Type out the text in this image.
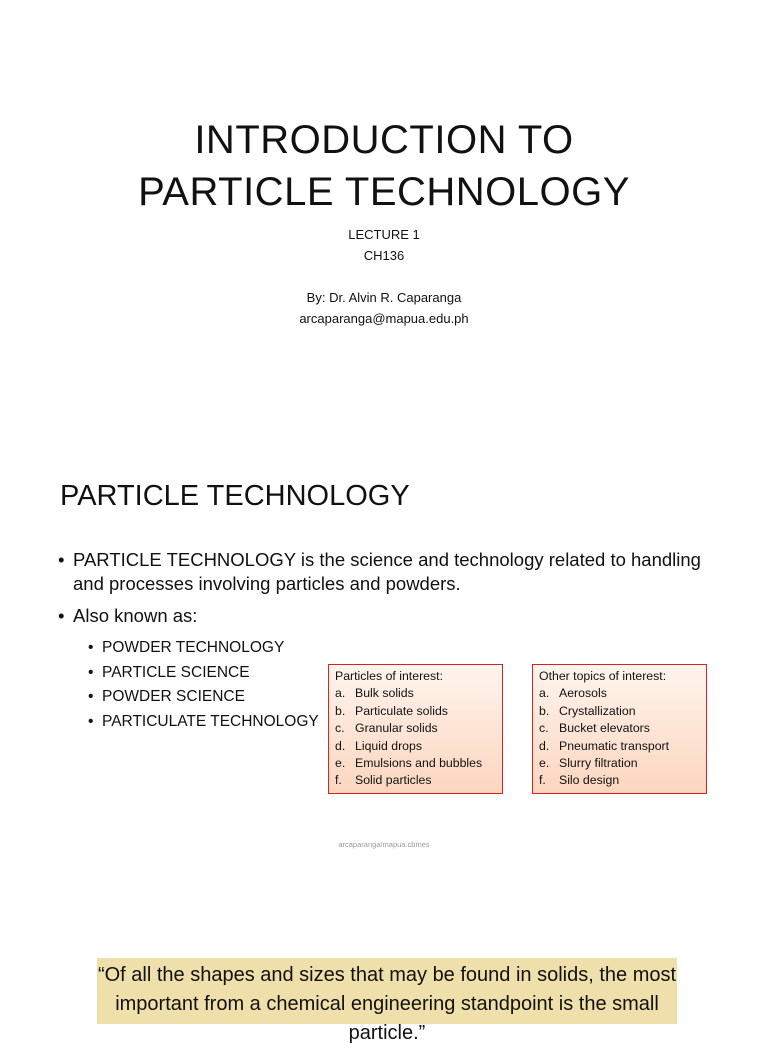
INTRODUCTION TO
PARTICLE TECHNOLOGY
LECTURE 1
CH136
By: Dr. Alvin R. Caparanga
arcaparanga@mapua.edu.ph
PARTICLE TECHNOLOGY
• PARTICLE TECHNOLOGY is the science and technology related to handling and processes involving particles and powders.
• Also known as:
• POWDER TECHNOLOGY
• PARTICLE SCIENCE
• POWDER SCIENCE
• PARTICULATE TECHNOLOGY
Particles of interest:
a. Bulk solids
b. Particulate solids
c. Granular solids
d. Liquid drops
e. Emulsions and bubbles
f.	Solid particles
Other topics of interest:
a. Aerosols
b. Crystallization
c. Bucket elevators
d. Pneumatic transport
e. Slurry filtration
f.	Silo design
arcaparanga/mapua.cbmes
“Of all the shapes and sizes that may be found in solids, the most important from a chemical engineering standpoint is the small particle.”
